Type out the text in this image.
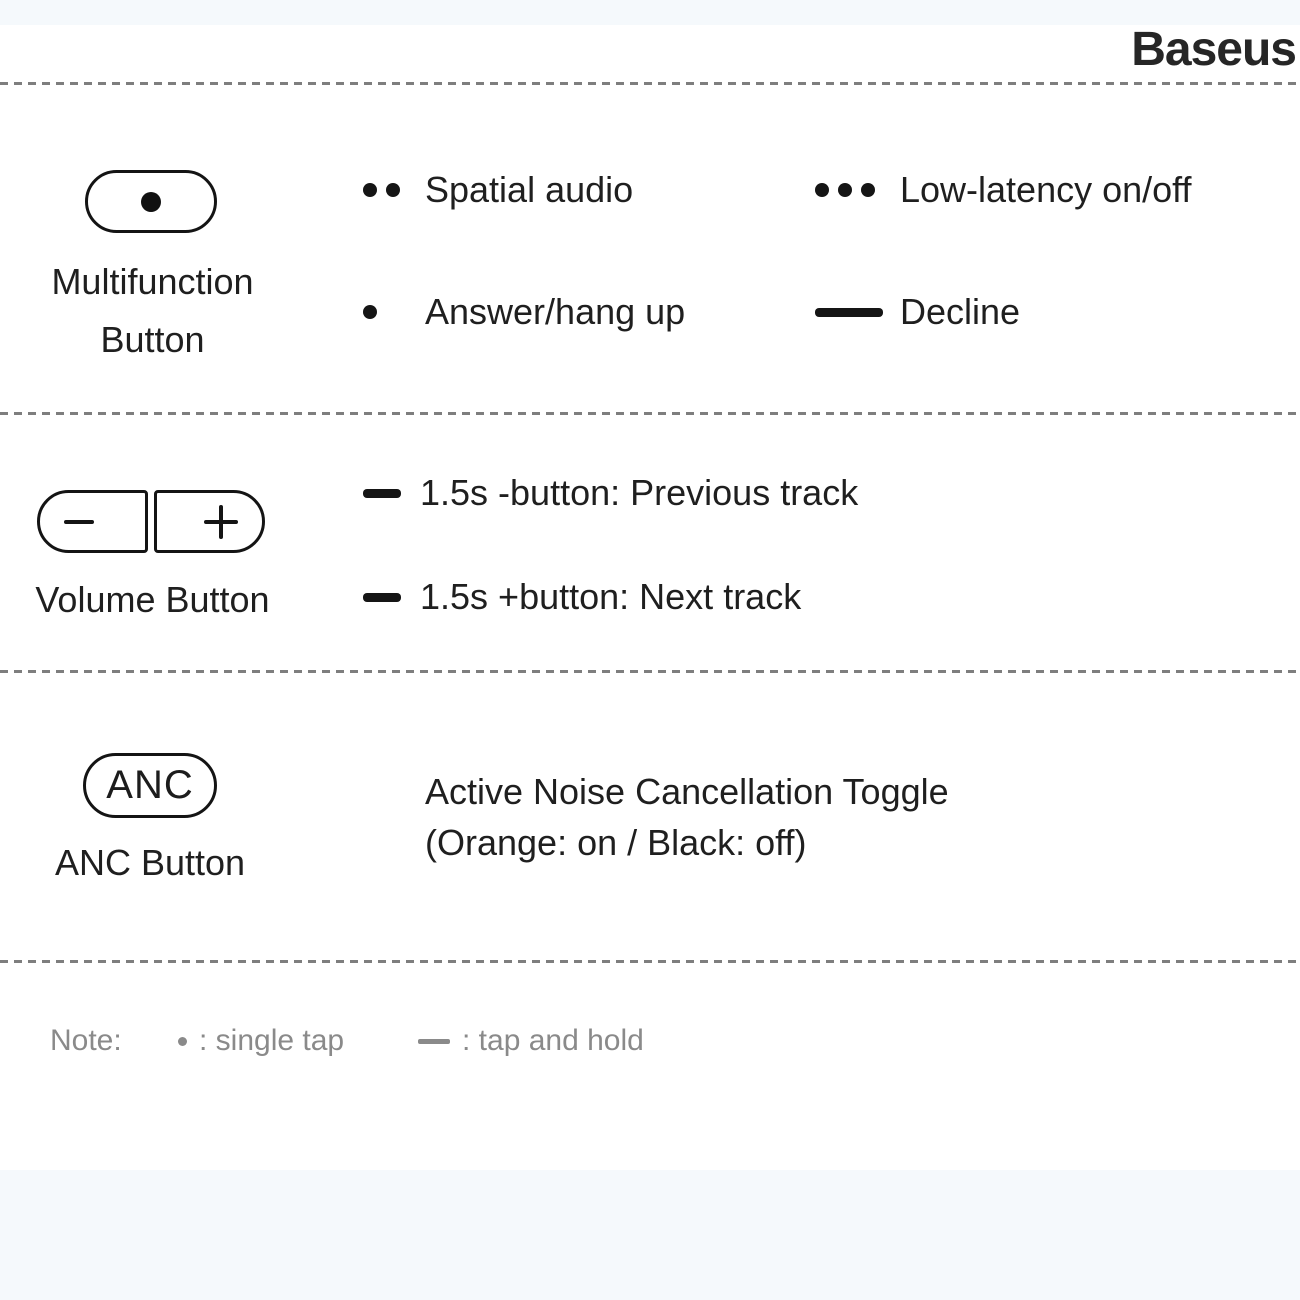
Baseus
Multifunction
Button
Spatial audio	Low-latency on/off
Answer/hang up	Decline
Volume Button
1.5s -button: Previous track
1.5s +button: Next track
ANC
ANC Button
Active Noise Cancellation Toggle
(Orange: on / Black: off)
Note:	: single tap	: tap and hold
